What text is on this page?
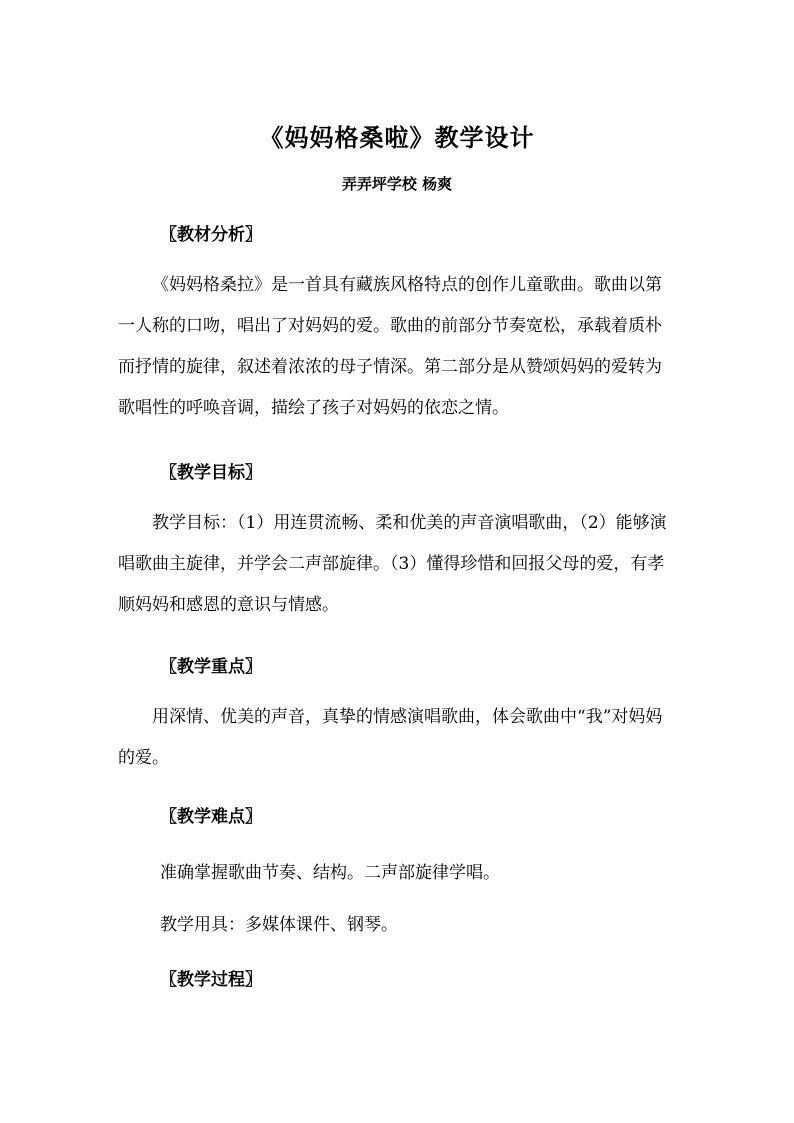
《妈妈格桑啦》教学设计
弄弄坪学校 杨爽
〖教材分析〗

《妈妈格桑拉》是一首具有藏族风格特点的创作儿童歌曲。歌曲以第一人称的口吻，唱出了对妈妈的爱。歌曲的前部分节奏宽松，承载着质朴而抒情的旋律，叙述着浓浓的母子情深。第二部分是从赞颂妈妈的爱转为歌唱性的呼唤音调，描绘了孩子对妈妈的依恋之情。

〖教学目标〗

教学目标：（1）用连贯流畅、柔和优美的声音演唱歌曲，（2）能够演唱歌曲主旋律，并学会二声部旋律。（3）懂得珍惜和回报父母的爱，有孝顺妈妈和感恩的意识与情感。

〖教学重点〗

用深情、优美的声音，真挚的情感演唱歌曲，体会歌曲中“我”对妈妈的爱。

〖教学难点〗
准确掌握歌曲节奏、结构。二声部旋律学唱。
教学用具：多媒体课件、钢琴。
〖教学过程〗
